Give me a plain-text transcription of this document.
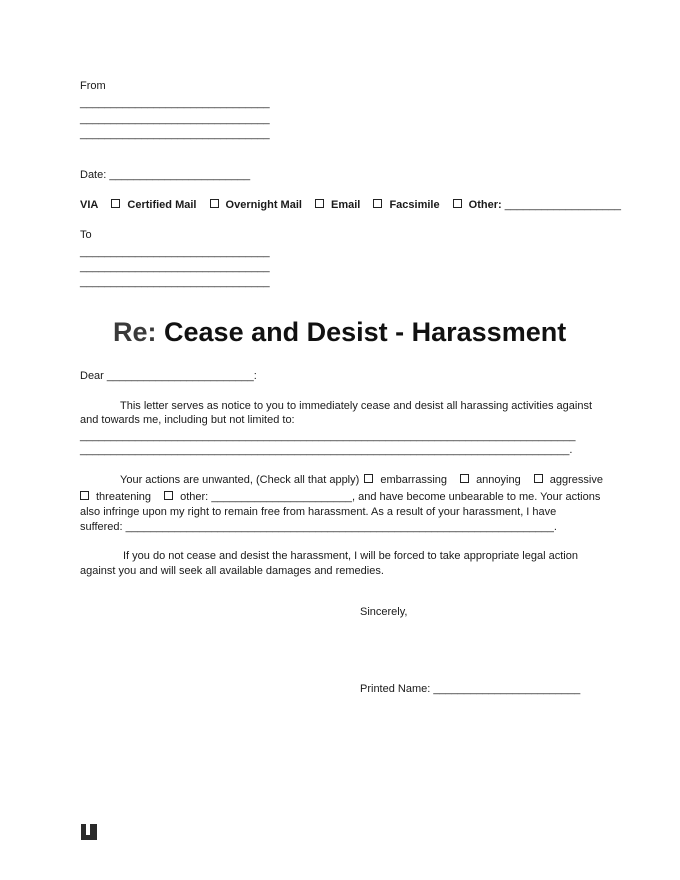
From
_______________________________
_______________________________
_______________________________
Date: _______________________
VIA	Certified Mail	Overnight Mail	Email	Facsimile	Other: ___________________
To
_______________________________
_______________________________
_______________________________
Re: Cease and Desist - Harassment
Dear ________________________:
This letter serves as notice to you to immediately cease and desist all harassing activities against
and towards me, including but not limited to:
_________________________________________________________________________________
________________________________________________________________________________.
Your actions are unwanted, (Check all that apply) embarrassing	annoying	aggressive
threatening	other: _______________________, and have become unbearable to me. Your actions
also infringe upon my right to remain free from harassment. As a result of your harassment, I have
suffered: ______________________________________________________________________.
If you do not cease and desist the harassment, I will be forced to take appropriate legal action
against you and will seek all available damages and remedies.
Sincerely,
Printed Name: ________________________
